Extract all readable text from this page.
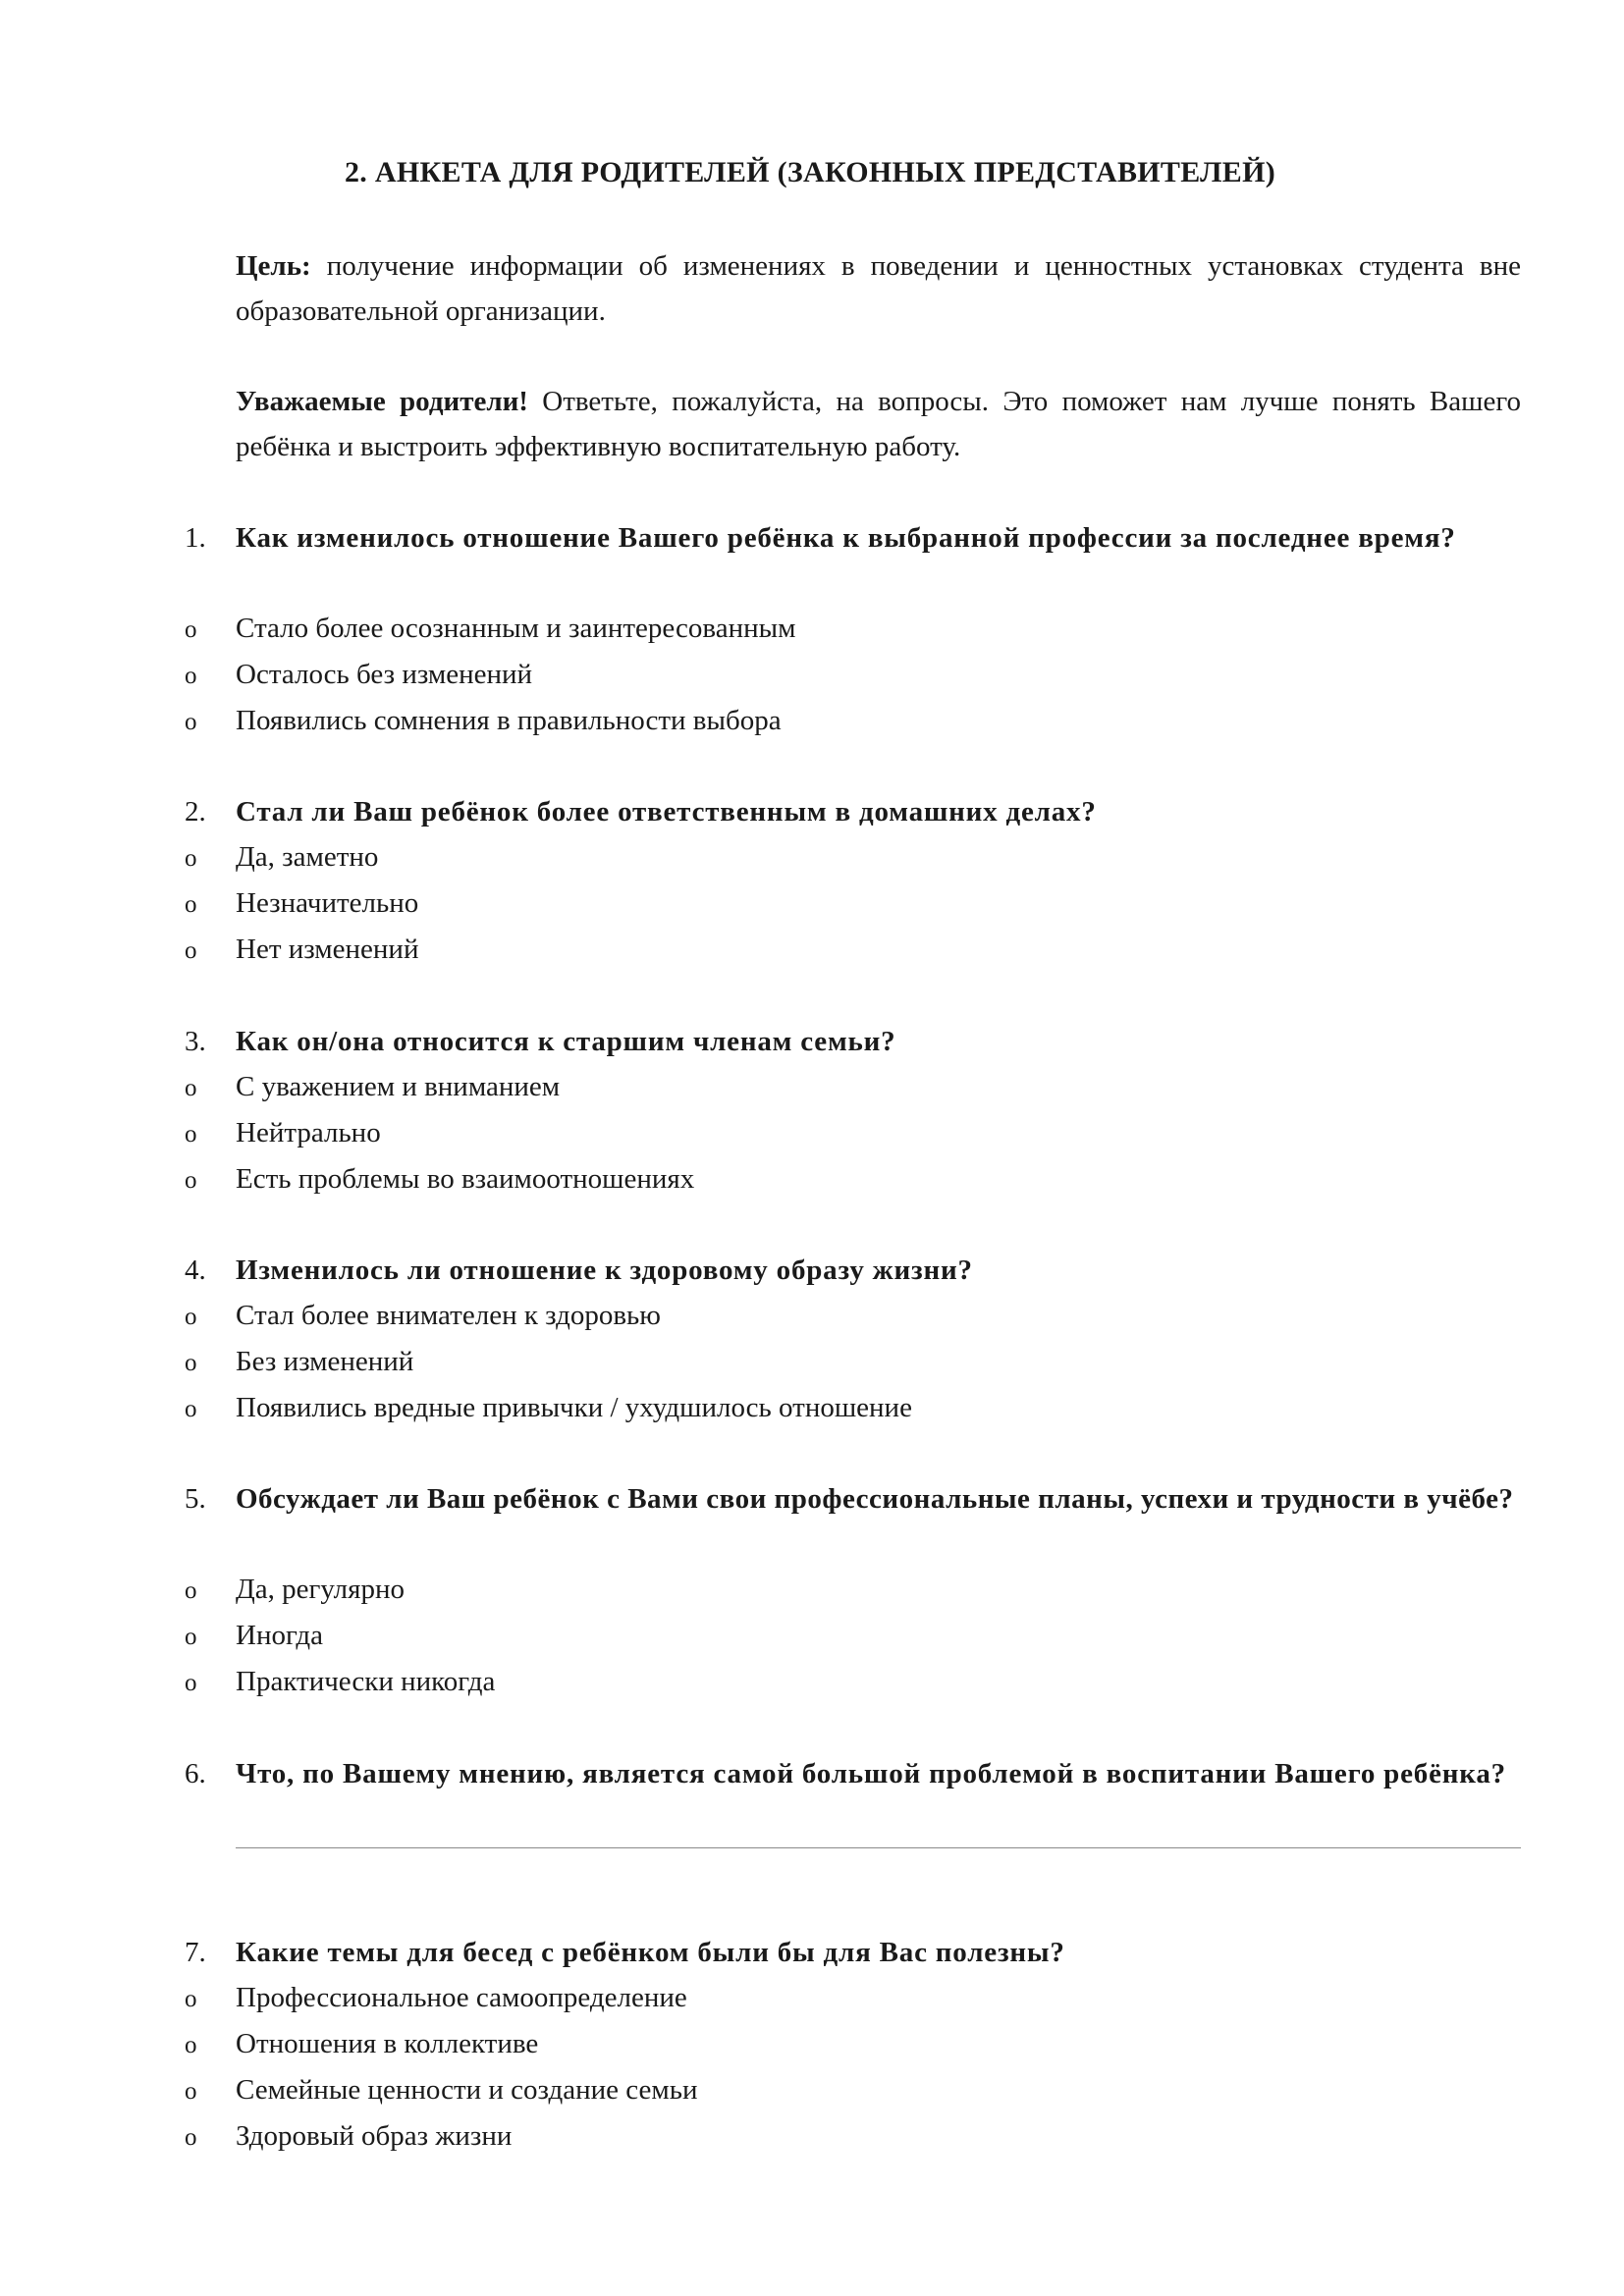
2. АНКЕТА ДЛЯ РОДИТЕЛЕЙ (ЗАКОННЫХ ПРЕДСТАВИТЕЛЕЙ)
Цель: получение информации об изменениях в поведении и ценностных установках студента вне образовательной организации.
Уважаемые родители! Ответьте, пожалуйста, на вопросы. Это поможет нам лучше понять Вашего ребёнка и выстроить эффективную воспитательную работу.
1. Как изменилось отношение Вашего ребёнка к выбранной профессии за последнее время?
o Стало более осознанным и заинтересованным
o Осталось без изменений
o Появились сомнения в правильности выбора
2. Стал ли Ваш ребёнок более ответственным в домашних делах?
o Да, заметно
o Незначительно
o Нет изменений
3. Как он/она относится к старшим членам семьи?
o С уважением и вниманием
o Нейтрально
o Есть проблемы во взаимоотношениях
4. Изменилось ли отношение к здоровому образу жизни?
o Стал более внимателен к здоровью
o Без изменений
o Появились вредные привычки / ухудшилось отношение
5. Обсуждает ли Ваш ребёнок с Вами свои профессиональные планы, успехи и трудности в учёбе?
o Да, регулярно
o Иногда
o Практически никогда
6. Что, по Вашему мнению, является самой большой проблемой в воспитании Вашего ребёнка?
7. Какие темы для бесед с ребёнком были бы для Вас полезны?
o Профессиональное самоопределение
o Отношения в коллективе
o Семейные ценности и создание семьи
o Здоровый образ жизни
